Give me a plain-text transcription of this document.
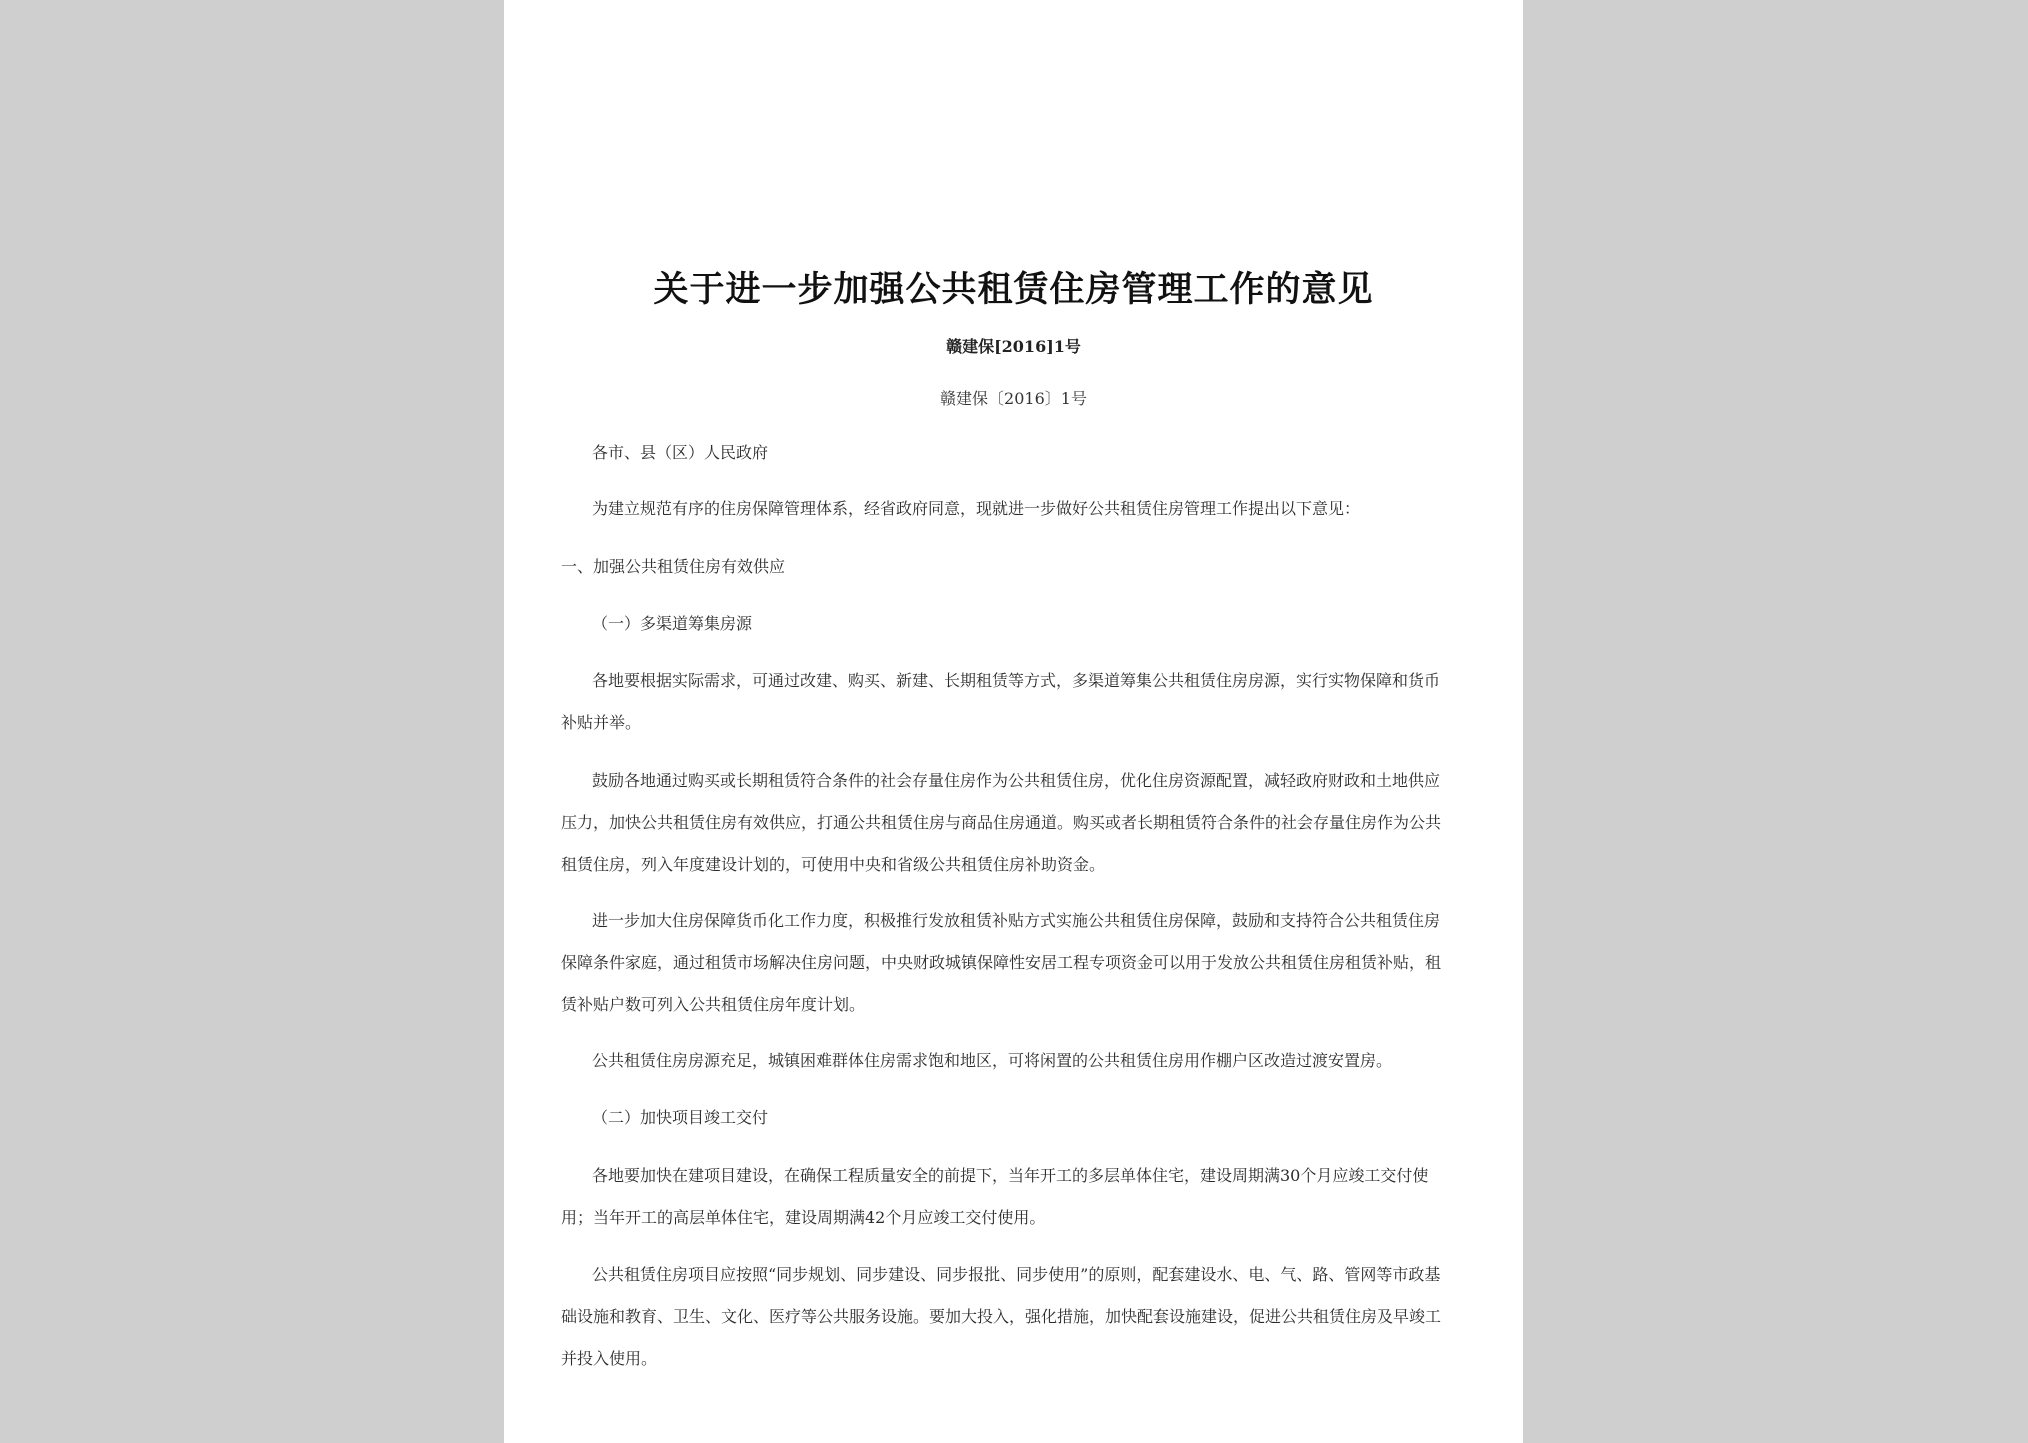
关于进一步加强公共租赁住房管理工作的意见
赣建保[2016]1号
赣建保〔2016〕1号
各市、县（区）人民政府
为建立规范有序的住房保障管理体系，经省政府同意，现就进一步做好公共租赁住房管理工作提出以下意见：
一、加强公共租赁住房有效供应
（一）多渠道筹集房源
各地要根据实际需求，可通过改建、购买、新建、长期租赁等方式，多渠道筹集公共租赁住房房源，实行实物保障和货币
补贴并举。
鼓励各地通过购买或长期租赁符合条件的社会存量住房作为公共租赁住房，优化住房资源配置，减轻政府财政和土地供应
压力，加快公共租赁住房有效供应，打通公共租赁住房与商品住房通道。购买或者长期租赁符合条件的社会存量住房作为公共
租赁住房，列入年度建设计划的，可使用中央和省级公共租赁住房补助资金。
进一步加大住房保障货币化工作力度，积极推行发放租赁补贴方式实施公共租赁住房保障，鼓励和支持符合公共租赁住房
保障条件家庭，通过租赁市场解决住房问题，中央财政城镇保障性安居工程专项资金可以用于发放公共租赁住房租赁补贴，租
赁补贴户数可列入公共租赁住房年度计划。
公共租赁住房房源充足，城镇困难群体住房需求饱和地区，可将闲置的公共租赁住房用作棚户区改造过渡安置房。
（二）加快项目竣工交付
各地要加快在建项目建设，在确保工程质量安全的前提下，当年开工的多层单体住宅，建设周期满30个月应竣工交付使
用；当年开工的高层单体住宅，建设周期满42个月应竣工交付使用。
公共租赁住房项目应按照“同步规划、同步建设、同步报批、同步使用”的原则，配套建设水、电、气、路、管网等市政基
础设施和教育、卫生、文化、医疗等公共服务设施。要加大投入，强化措施，加快配套设施建设，促进公共租赁住房及早竣工
并投入使用。
